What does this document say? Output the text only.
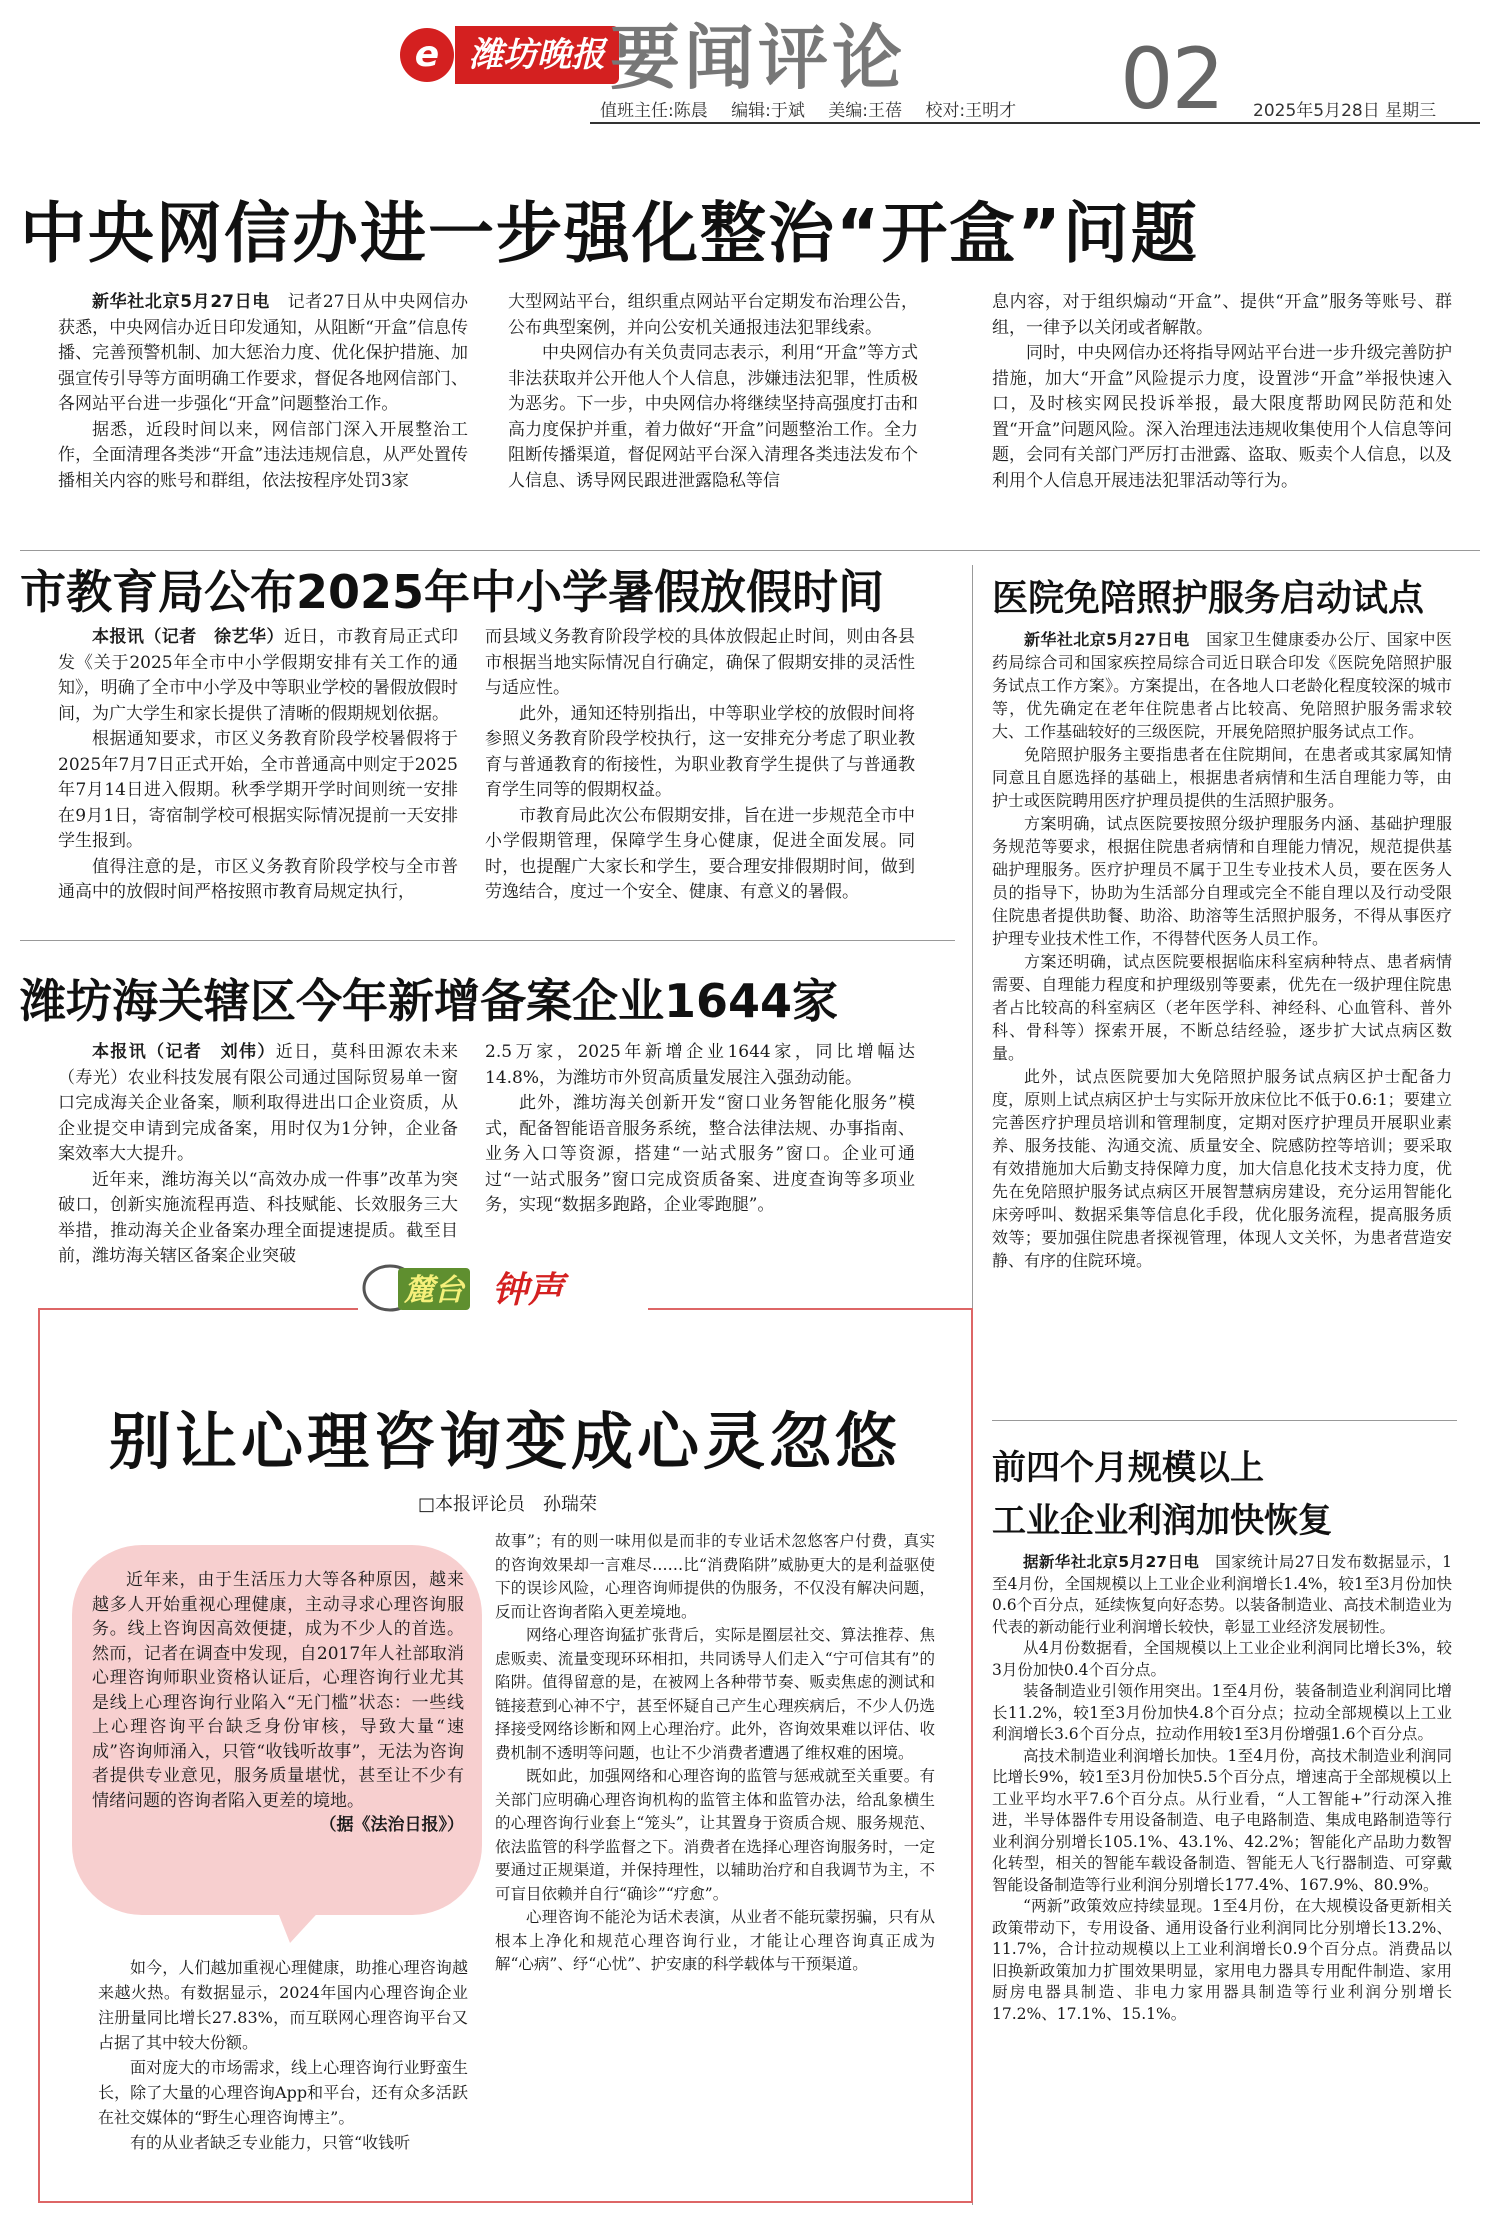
e 潍坊晚报 要闻评论	02
值班主任:陈晨 编辑:于斌 美编:王蓓 校对:王明才	2025年5月28日 星期三
中央网信办进一步强化整治“开盒”问题

新华社北京5月27日电　 记者27日从中央网信办获悉，中央网信办近日印发通知，从阻断“开盒”信息传播、完善预警机制、加大惩治力度、优化保护措施、加强宣传引导等方面明确工作要求，督促各地网信部门、各网站平台进一步强化“开盒”问题整治工作。

据悉，近段时间以来，网信部门深入开展整治工作，全面清理各类涉“开盒”违法违规信息，从严处置传播相关内容的账号和群组，依法按程序处罚3家

大型网站平台，组织重点网站平台定期发布治理公告，公布典型案例，并向公安机关通报违法犯罪线索。

中央网信办有关负责同志表示，利用“开盒”等方式非法获取并公开他人个人信息，涉嫌违法犯罪，性质极为恶劣。下一步，中央网信办将继续坚持高强度打击和高力度保护并重，着力做好“开盒”问题整治工作。全力阻断传播渠道，督促网站平台深入清理各类违法发布个人信息、诱导网民跟进泄露隐私等信

息内容，对于组织煽动“开盒”、提供“开盒”服务等账号、群组，一律予以关闭或者解散。

同时，中央网信办还将指导网站平台进一步升级完善防护措施，加大“开盒”风险提示力度，设置涉“开盒”举报快速入口，及时核实网民投诉举报，最大限度帮助网民防范和处置“开盒”问题风险。深入治理违法违规收集使用个人信息等问题，会同有关部门严厉打击泄露、盗取、贩卖个人信息，以及利用个人信息开展违法犯罪活动等行为。

市教育局公布2025年中小学暑假放假时间

本报讯（记者　徐艺华）近日，市教育局正式印发《关于2025年全市中小学假期安排有关工作的通知》，明确了全市中小学及中等职业学校的暑假放假时间，为广大学生和家长提供了清晰的假期规划依据。

根据通知要求，市区义务教育阶段学校暑假将于2025年7月7日正式开始，全市普通高中则定于2025年7月14日进入假期。秋季学期开学时间则统一安排在9月1日，寄宿制学校可根据实际情况提前一天安排学生报到。

值得注意的是，市区义务教育阶段学校与全市普通高中的放假时间严格按照市教育局规定执行，

而县域义务教育阶段学校的具体放假起止时间，则由各县市根据当地实际情况自行确定，确保了假期安排的灵活性与适应性。

此外，通知还特别指出，中等职业学校的放假时间将参照义务教育阶段学校执行，这一安排充分考虑了职业教育与普通教育的衔接性，为职业教育学生提供了与普通教育学生同等的假期权益。

市教育局此次公布假期安排，旨在进一步规范全市中小学假期管理，保障学生身心健康，促进全面发展。同时，也提醒广大家长和学生，要合理安排假期时间，做到劳逸结合，度过一个安全、健康、有意义的暑假。

潍坊海关辖区今年新增备案企业1644家

本报讯（记者　刘伟）近日，莫科田源农未来（寿光）农业科技发展有限公司通过国际贸易单一窗口完成海关企业备案，顺利取得进出口企业资质，从企业提交申请到完成备案，用时仅为1分钟，企业备案效率大大提升。

近年来，潍坊海关以“高效办成一件事”改革为突破口，创新实施流程再造、科技赋能、长效服务三大举措，推动海关企业备案办理全面提速提质。截至目前，潍坊海关辖区备案企业突破

2.5万家，2025年新增企业1644家，同比增幅达14.8%，为潍坊市外贸高质量发展注入强劲动能。

此外，潍坊海关创新开发“窗口业务智能化服务”模式，配备智能语音服务系统，整合法律法规、办事指南、业务入口等资源，搭建“一站式服务”窗口。企业可通过“一站式服务”窗口完成资质备案、进度查询等多项业务，实现“数据多跑路，企业零跑腿”。

医院免陪照护服务启动试点

新华社北京5月27日电　 国家卫生健康委办公厅、国家中医药局综合司和国家疾控局综合司近日联合印发《医院免陪照护服务试点工作方案》。方案提出，在各地人口老龄化程度较深的城市等，优先确定在老年住院患者占比较高、免陪照护服务需求较大、工作基础较好的三级医院，开展免陪照护服务试点工作。

免陪照护服务主要指患者在住院期间，在患者或其家属知情同意且自愿选择的基础上，根据患者病情和生活自理能力等，由护士或医院聘用医疗护理员提供的生活照护服务。

方案明确，试点医院要按照分级护理服务内涵、基础护理服务规范等要求，根据住院患者病情和自理能力情况，规范提供基础护理服务。医疗护理员不属于卫生专业技术人员，要在医务人员的指导下，协助为生活部分自理或完全不能自理以及行动受限住院患者提供助餐、助浴、助溶等生活照护服务，不得从事医疗护理专业技术性工作，不得替代医务人员工作。

方案还明确，试点医院要根据临床科室病种特点、患者病情需要、自理能力程度和护理级别等要素，优先在一级护理住院患者占比较高的科室病区（老年医学科、神经科、心血管科、普外科、骨科等）探索开展，不断总结经验，逐步扩大试点病区数量。

此外，试点医院要加大免陪照护服务试点病区护士配备力度，原则上试点病区护士与实际开放床位比不低于0.6:1；要建立完善医疗护理员培训和管理制度，定期对医疗护理员开展职业素养、服务技能、沟通交流、质量安全、院感防控等培训；要采取有效措施加大后勤支持保障力度，加大信息化技术支持力度，优先在免陪照护服务试点病区开展智慧病房建设，充分运用智能化床旁呼叫、数据采集等信息化手段，优化服务流程，提高服务质效等；要加强住院患者探视管理，体现人文关怀，为患者营造安静、有序的住院环境。

前四个月规模以上
工业企业利润加快恢复

据新华社北京5月27日电　 国家统计局27日发布数据显示，1至4月份，全国规模以上工业企业利润增长1.4%，较1至3月份加快0.6个百分点，延续恢复向好态势。以装备制造业、高技术制造业为代表的新动能行业利润增长较快，彰显工业经济发展韧性。

从4月份数据看，全国规模以上工业企业利润同比增长3%，较3月份加快0.4个百分点。

装备制造业引领作用突出。1至4月份，装备制造业利润同比增长11.2%，较1至3月份加快4.8个百分点；拉动全部规模以上工业利润增长3.6个百分点，拉动作用较1至3月份增强1.6个百分点。

高技术制造业利润增长加快。1至4月份，高技术制造业利润同比增长9%，较1至3月份加快5.5个百分点，增速高于全部规模以上工业平均水平7.6个百分点。从行业看，“人工智能+”行动深入推进，半导体器件专用设备制造、电子电路制造、集成电路制造等行业利润分别增长105.1%、43.1%、42.2%；智能化产品助力数智化转型，相关的智能车载设备制造、智能无人飞行器制造、可穿戴智能设备制造等行业利润分别增长177.4%、167.9%、80.9%。

“两新”政策效应持续显现。1至4月份，在大规模设备更新相关政策带动下，专用设备、通用设备行业利润同比分别增长13.2%、11.7%，合计拉动规模以上工业利润增长0.9个百分点。消费品以旧换新政策加力扩围效果明显，家用电力器具专用配件制造、家用厨房电器具制造、非电力家用器具制造等行业利润分别增长17.2%、17.1%、15.1%。

麓台 钟声
别让心理咨询变成心灵忽悠
□本报评论员　孙瑞荣

近年来，由于生活压力大等各种原因，越来越多人开始重视心理健康，主动寻求心理咨询服务。线上咨询因高效便捷，成为不少人的首选。然而，记者在调查中发现，自2017年人社部取消心理咨询师职业资格认证后，心理咨询行业尤其是线上心理咨询行业陷入“无门槛”状态：一些线上心理咨询平台缺乏身份审核，导致大量“速成”咨询师涌入，只管“收钱听故事”，无法为咨询者提供专业意见，服务质量堪忧，甚至让不少有情绪问题的咨询者陷入更差的境地。

（据《法治日报》）

如今，人们越加重视心理健康，助推心理咨询越来越火热。有数据显示，2024年国内心理咨询企业注册量同比增长27.83%，而互联网心理咨询平台又占据了其中较大份额。

面对庞大的市场需求，线上心理咨询行业野蛮生长，除了大量的心理咨询App和平台，还有众多活跃在社交媒体的“野生心理咨询博主”。

有的从业者缺乏专业能力，只管“收钱听

故事”；有的则一味用似是而非的专业话术忽悠客户付费，真实的咨询效果却一言难尽……比“消费陷阱”威胁更大的是利益驱使下的误诊风险，心理咨询师提供的伪服务，不仅没有解决问题，反而让咨询者陷入更差境地。

网络心理咨询猛扩张背后，实际是圈层社交、算法推荐、焦虑贩卖、流量变现环环相扣，共同诱导人们走入“宁可信其有”的陷阱。值得留意的是，在被网上各种带节奏、贩卖焦虑的测试和链接惹到心神不宁，甚至怀疑自己产生心理疾病后，不少人仍选择接受网络诊断和网上心理治疗。此外，咨询效果难以评估、收费机制不透明等问题，也让不少消费者遭遇了维权难的困境。

既如此，加强网络和心理咨询的监管与惩戒就至关重要。有关部门应明确心理咨询机构的监管主体和监管办法，给乱象横生的心理咨询行业套上“笼头”，让其置身于资质合规、服务规范、依法监管的科学监督之下。消费者在选择心理咨询服务时，一定要通过正规渠道，并保持理性，以辅助治疗和自我调节为主，不可盲目依赖并自行“确诊”“疗愈”。

心理咨询不能沦为话术表演，从业者不能玩蒙拐骗，只有从根本上净化和规范心理咨询行业，才能让心理咨询真正成为解“心病”、纾“心忧”、护安康的科学载体与干预渠道。
